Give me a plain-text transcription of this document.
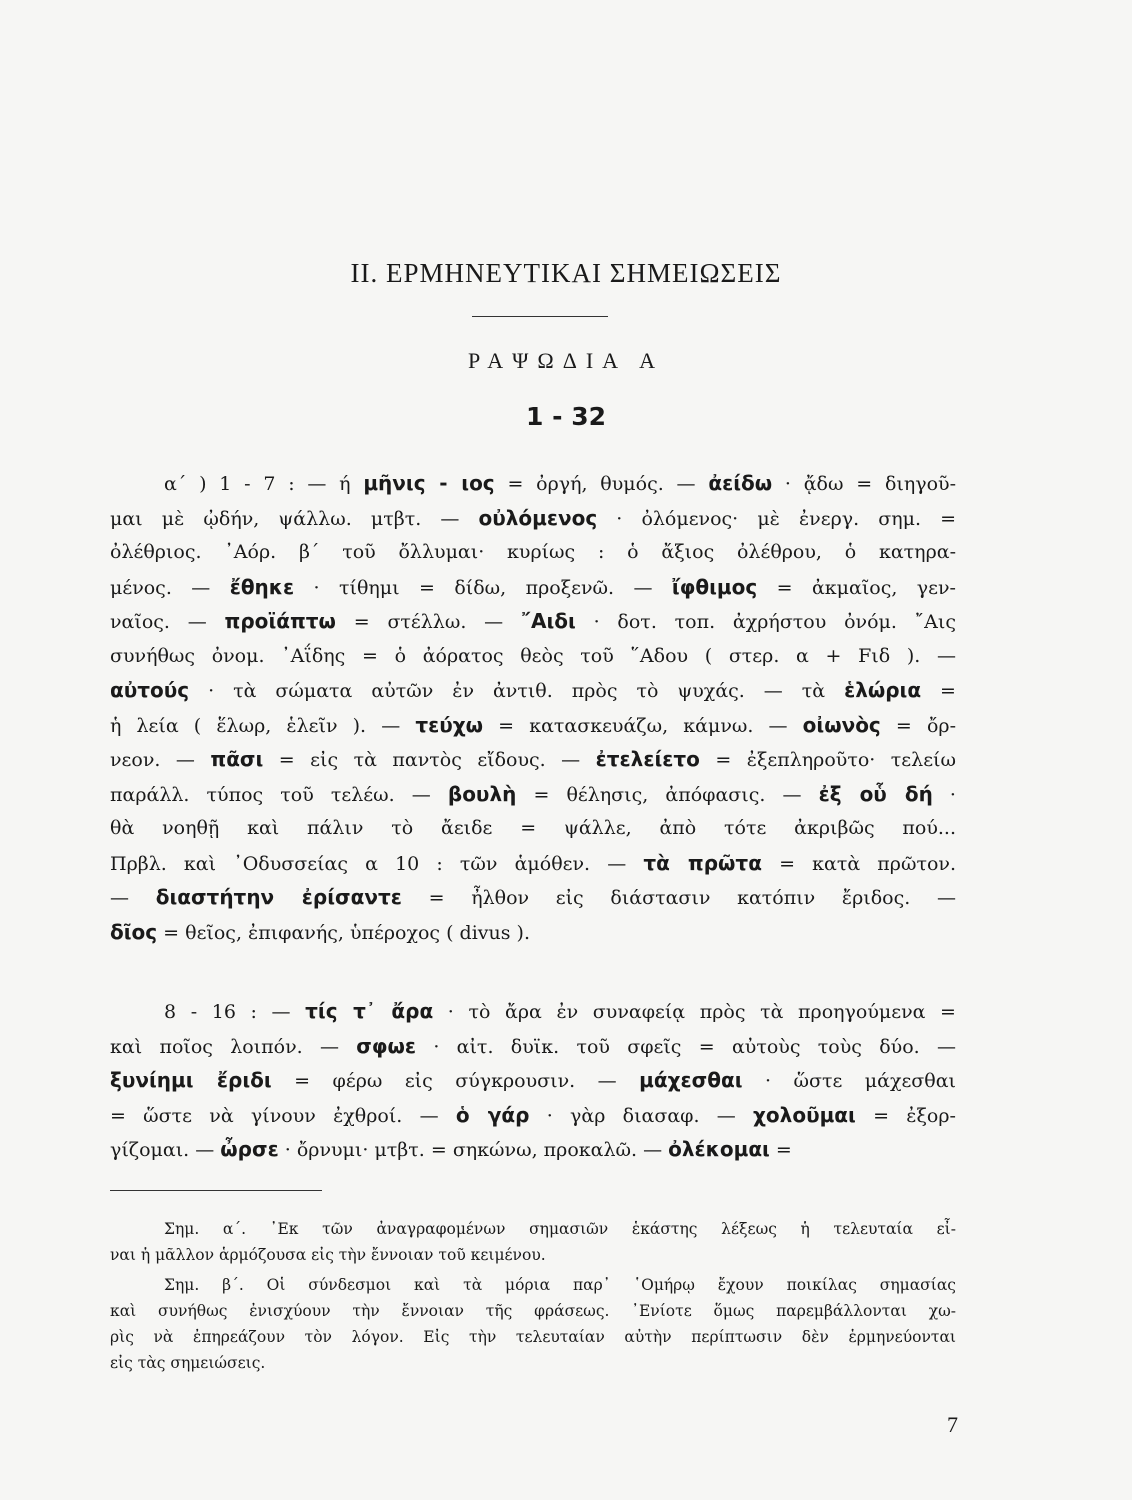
ΙΙ. ΕΡΜΗΝΕΥΤΙΚΑΙ ΣΗΜΕΙΩΣΕΙΣ
ΡΑΨΩΔΙΑ Α
1 - 32
α΄ ) 1 - 7 : — ή μῆνις - ιος = ὀργή, θυμός. — ἀείδω · ᾄδω = διηγοῦ-
μαι μὲ ᾠδήν, ψάλλω. μτβτ. — οὐλόμενος · ὀλόμενος· μὲ ἐνεργ. σημ. =
ὀλέθριος. ᾿Αόρ. β΄ τοῦ ὄλλυμαι· κυρίως : ὁ ἄξιος ὀλέθρου, ὁ κατηρα-
μένος. — ἔθηκε · τίθημι = δίδω, προξενῶ. — ἴφθιμος = ἀκμαῖος, γεν-
ναῖος. — προϊάπτω = στέλλω. — ῎Αιδι · δοτ. τοπ. ἀχρήστου ὀνόμ. ῎Αις
συνήθως ὀνομ. ᾿Αΐδης = ὁ ἀόρατος θεὸς τοῦ ῞Αδου ( στερ. α + Fιδ ). —
αὐτούς · τὰ σώματα αὐτῶν ἐν ἀντιθ. πρὸς τὸ ψυχάς. — τὰ ἑλώρια =
ἡ λεία ( ἕλωρ, ἑλεῖν ). — τεύχω = κατασκευάζω, κάμνω. — οἰωνὸς = ὄρ-
νεον. — πᾶσι = εἰς τὰ παντὸς εἴδους. — ἐτελείετο = ἐξεπληροῦτο· τελείω
παράλλ. τύπος τοῦ τελέω. — βουλὴ = θέλησις, ἀπόφασις. — ἐξ οὗ δή ·
θὰ νοηθῇ καὶ πάλιν τὸ ἄειδε = ψάλλε, ἀπὸ τότε ἀκριβῶς πού...
Πρβλ. καὶ ᾿Οδυσσείας α 10 : τῶν ἁμόθεν. — τὰ πρῶτα = κατὰ πρῶτον.
— διαστήτην ἐρίσαντε = ἦλθον εἰς διάστασιν κατόπιν ἔριδος. —
δῖος = θεῖος, ἐπιφανής, ὑπέροχος ( divus ).
8 - 16 : — τίς τ᾿ ἄρα · τὸ ἄρα ἐν συναφείᾳ πρὸς τὰ προηγούμενα =
καὶ ποῖος λοιπόν. — σφωε · αἰτ. δυϊκ. τοῦ σφεῖς = αὐτοὺς τοὺς δύο. —
ξυνίημι ἔριδι = φέρω εἰς σύγκρουσιν. — μάχεσθαι · ὥστε μάχεσθαι
= ὥστε νὰ γίνουν ἐχθροί. — ὁ γάρ · γὰρ διασαφ. — χολοῦμαι = ἐξορ-
γίζομαι. — ὦρσε · ὄρνυμι· μτβτ. = σηκώνω, προκαλῶ. — ὀλέκομαι =
Σημ. α΄. ᾿Εκ τῶν ἀναγραφομένων σημασιῶν ἑκάστης λέξεως ἡ τελευταία εἶ-
ναι ἡ μᾶλλον ἁρμόζουσα εἰς τὴν ἔννοιαν τοῦ κειμένου.
Σημ. β΄. Οἱ σύνδεσμοι καὶ τὰ μόρια παρ᾿ ῾Ομήρῳ ἔχουν ποικίλας σημασίας
καὶ συνήθως ἐνισχύουν τὴν ἔννοιαν τῆς φράσεως. ᾿Ενίοτε ὅμως παρεμβάλλονται χω-
ρὶς νὰ ἐπηρεάζουν τὸν λόγον. Εἰς τὴν τελευταίαν αὐτὴν περίπτωσιν δὲν ἑρμηνεύονται
εἰς τὰς σημειώσεις.
7
